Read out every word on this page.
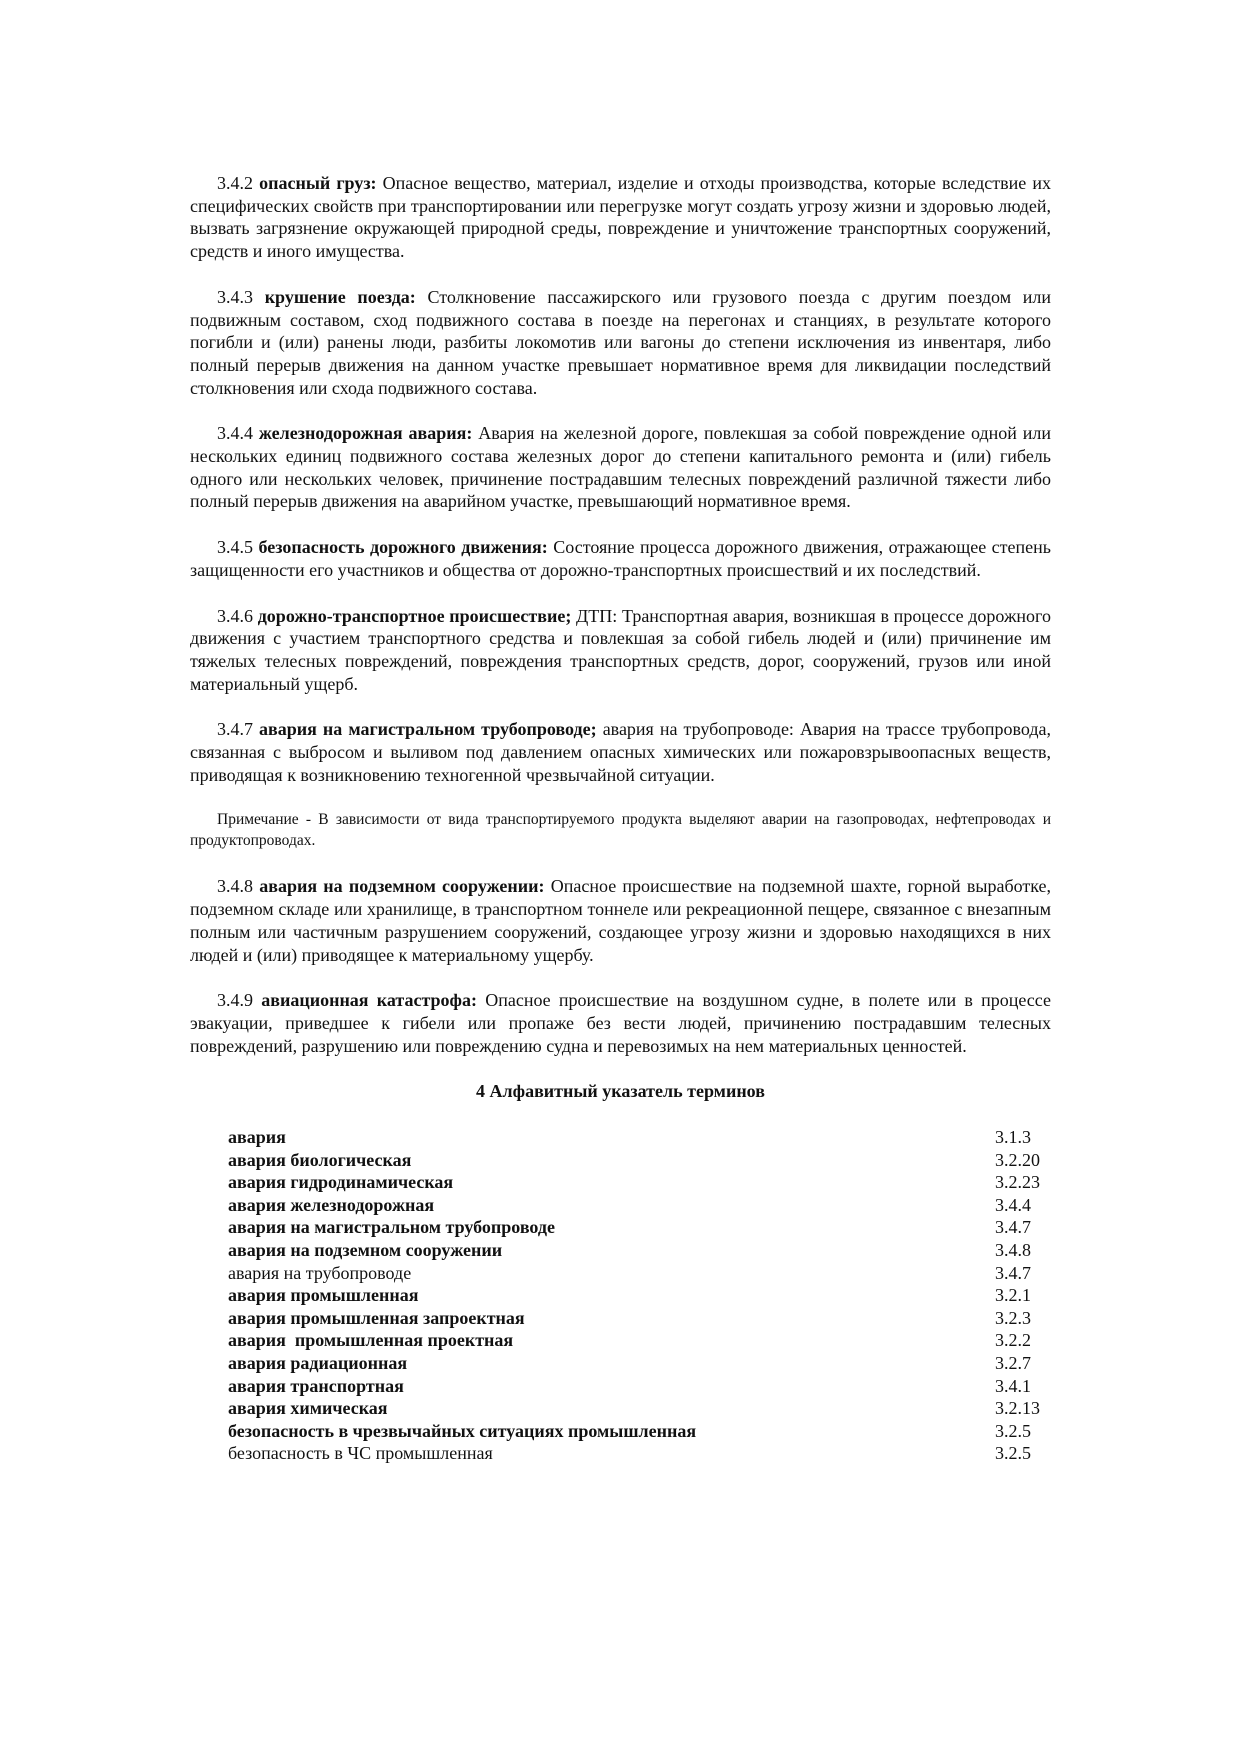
3.4.2 опасный груз: Опасное вещество, материал, изделие и отходы производства, которые вследствие их специфических свойств при транспортировании или перегрузке могут создать угрозу жизни и здоровью людей, вызвать загрязнение окружающей природной среды, повреждение и уничтожение транспортных сооружений, средств и иного имущества.

3.4.3 крушение поезда: Столкновение пассажирского или грузового поезда с другим поездом или подвижным составом, сход подвижного состава в поезде на перегонах и станциях, в результате которого погибли и (или) ранены люди, разбиты локомотив или вагоны до степени исключения из инвентаря, либо полный перерыв движения на данном участке превышает нормативное время для ликвидации последствий столкновения или схода подвижного состава.

3.4.4 железнодорожная авария: Авария на железной дороге, повлекшая за собой повреждение одной или нескольких единиц подвижного состава железных дорог до степени капитального ремонта и (или) гибель одного или нескольких человек, причинение пострадавшим телесных повреждений различной тяжести либо полный перерыв движения на аварийном участке, превышающий нормативное время.

3.4.5 безопасность дорожного движения: Состояние процесса дорожного движения, отражающее степень защищенности его участников и общества от дорожно-транспортных происшествий и их последствий.

3.4.6 дорожно-транспортное происшествие; ДТП: Транспортная авария, возникшая в процессе дорожного движения с участием транспортного средства и повлекшая за собой гибель людей и (или) причинение им тяжелых телесных повреждений, повреждения транспортных средств, дорог, сооружений, грузов или иной материальный ущерб.

3.4.7 авария на магистральном трубопроводе; авария на трубопроводе: Авария на трассе трубопровода, связанная с выбросом и выливом под давлением опасных химических или пожаровзрывоопасных веществ, приводящая к возникновению техногенной чрезвычайной ситуации.

Примечание - В зависимости от вида транспортируемого продукта выделяют аварии на газопроводах, нефтепроводах и продуктопроводах.

3.4.8 авария на подземном сооружении: Опасное происшествие на подземной шахте, горной выработке, подземном складе или хранилище, в транспортном тоннеле или рекреационной пещере, связанное с внезапным полным или частичным разрушением сооружений, создающее угрозу жизни и здоровью находящихся в них людей и (или) приводящее к материальному ущербу.

3.4.9 авиационная катастрофа: Опасное происшествие на воздушном судне, в полете или в процессе эвакуации, приведшее к гибели или пропаже без вести людей, причинению пострадавшим телесных повреждений, разрушению или повреждению судна и перевозимых на нем материальных ценностей.

4 Алфавитный указатель терминов

авария	3.1.3
авария биологическая	3.2.20
авария гидродинамическая	3.2.23
авария железнодорожная	3.4.4
авария на магистральном трубопроводе	3.4.7
авария на подземном сооружении	3.4.8
авария на трубопроводе	3.4.7
авария промышленная	3.2.1
авария промышленная запроектная	3.2.3
авария  промышленная проектная	3.2.2
авария радиационная	3.2.7
авария транспортная	3.4.1
авария химическая	3.2.13
безопасность в чрезвычайных ситуациях промышленная	3.2.5
безопасность в ЧС промышленная	3.2.5
